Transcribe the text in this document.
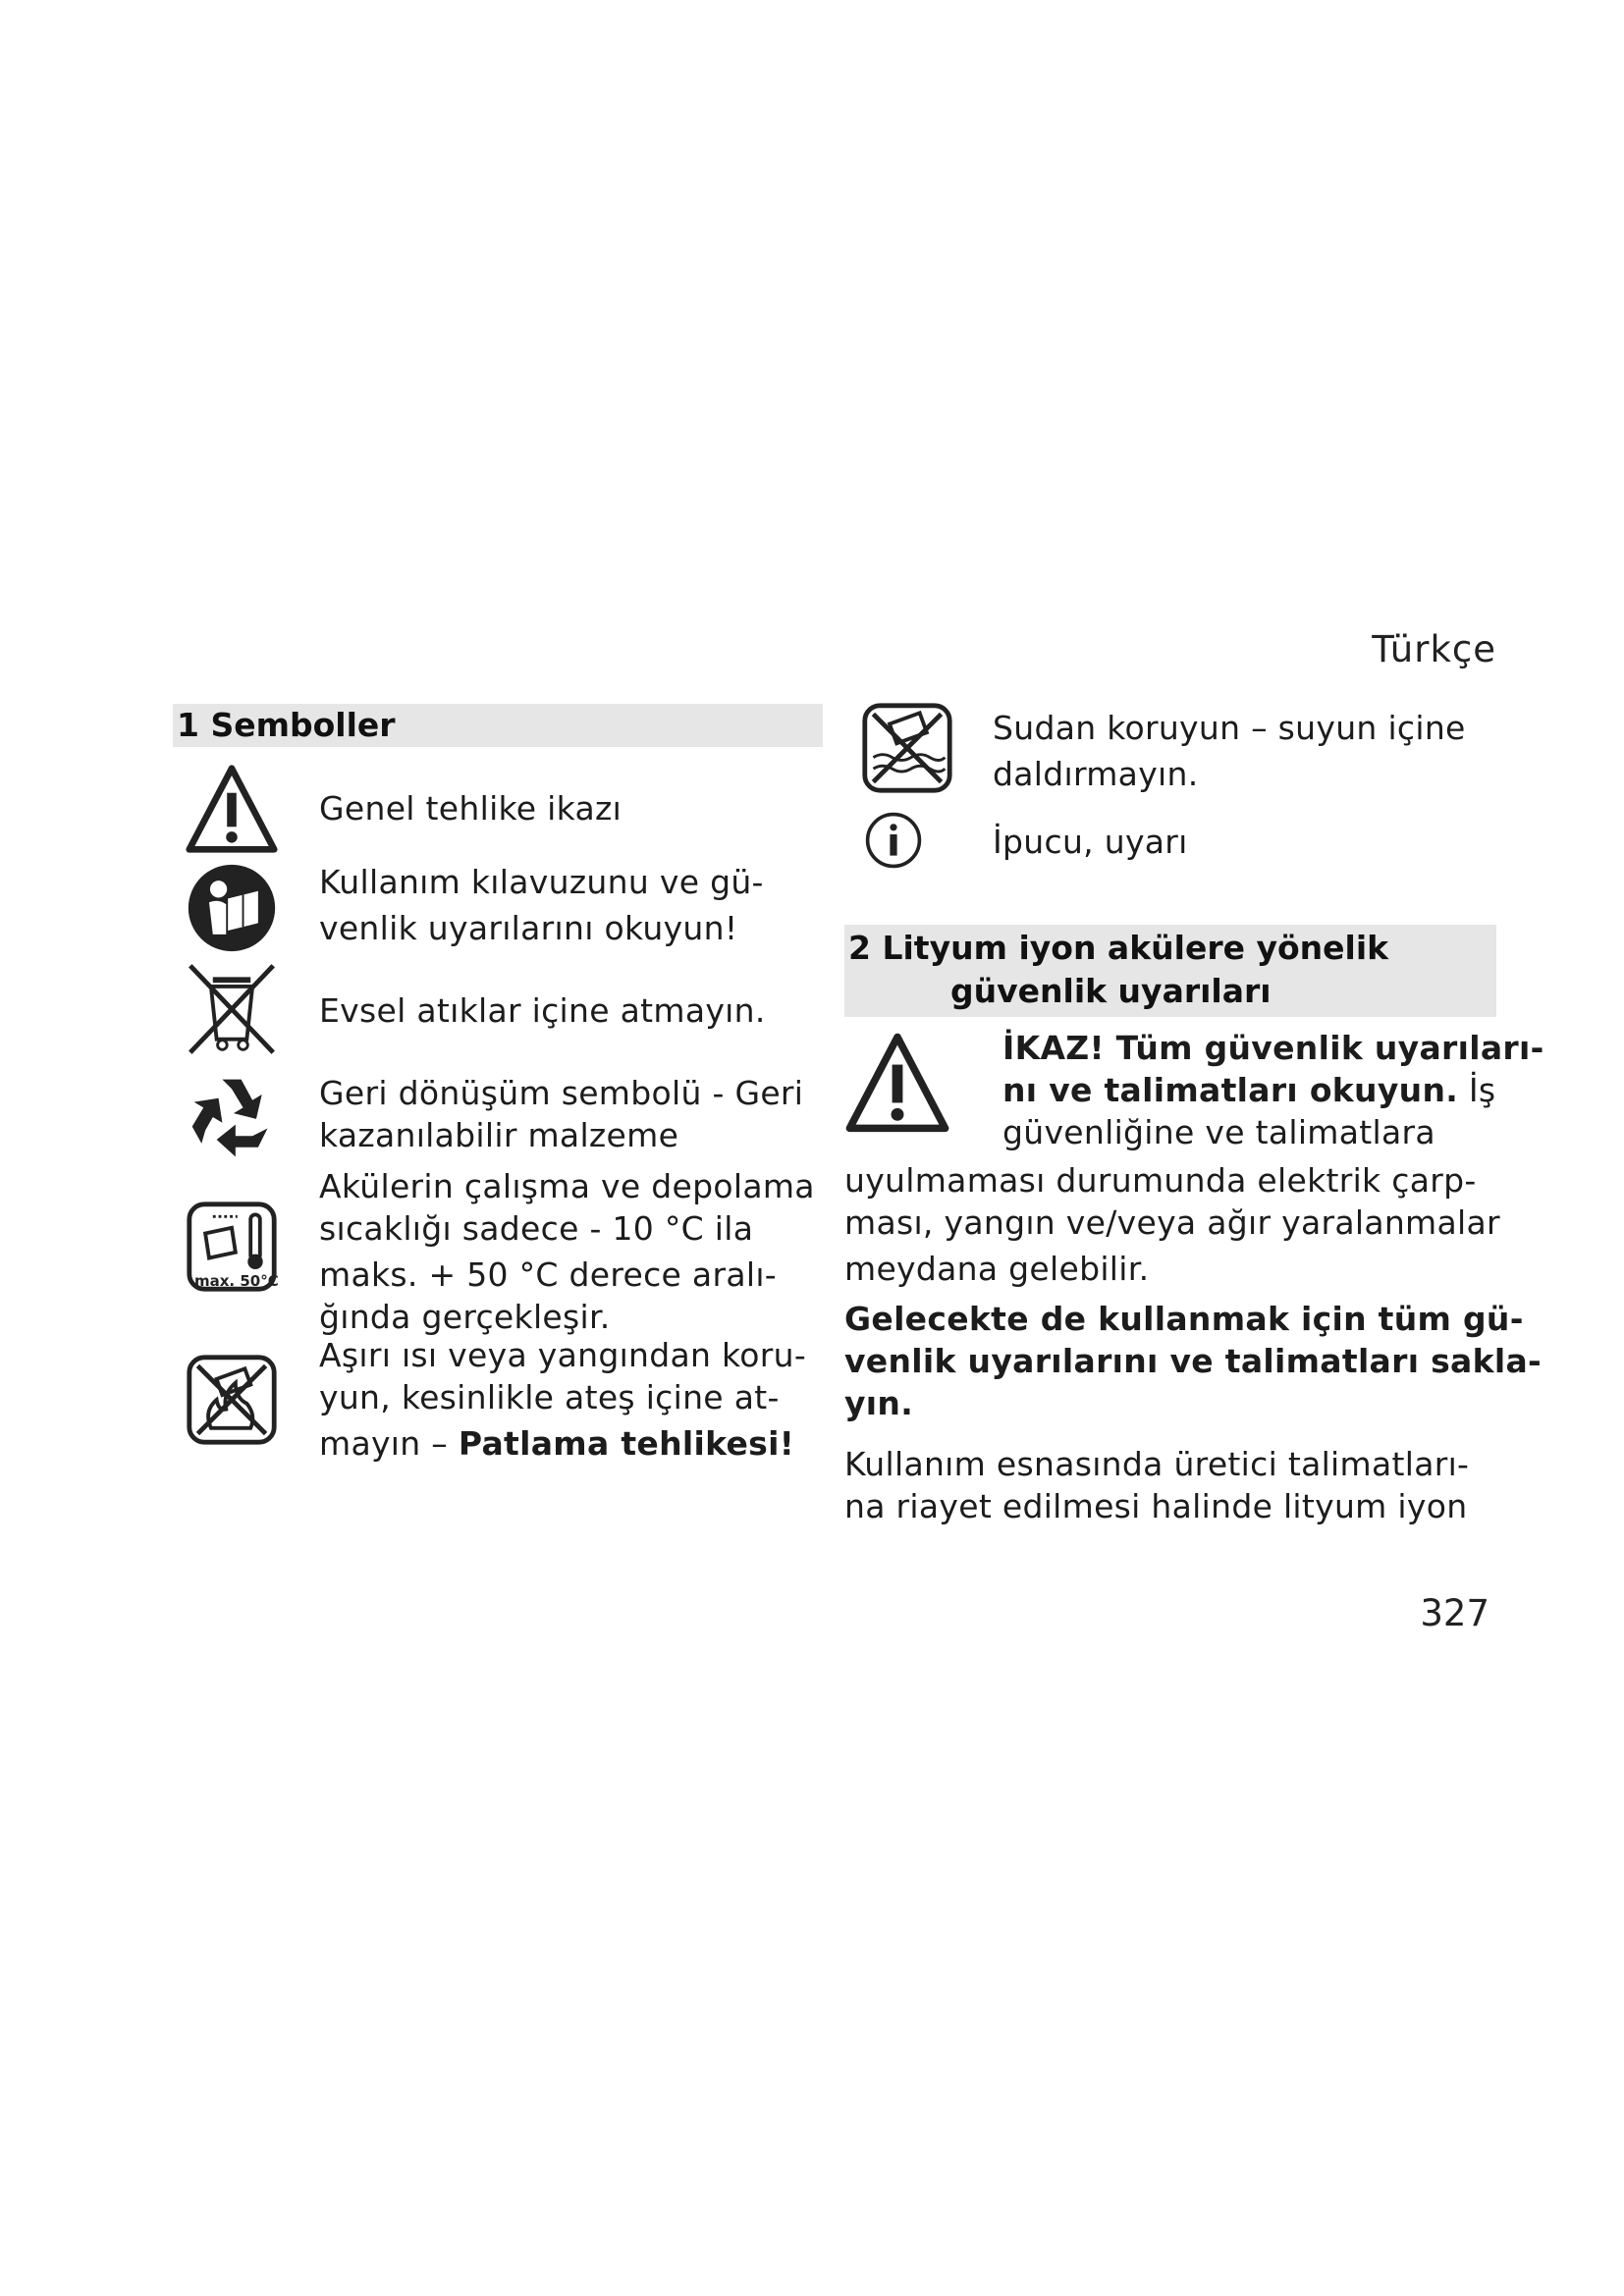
Türkçe
1 Semboller
Genel tehlike ikazı
Kullanım kılavuzunu ve gü-
venlik uyarılarını okuyun!
Evsel atıklar içine atmayın.
Geri dönüşüm sembolü - Geri
kazanılabilir malzeme
max. 50°C
Akülerin çalışma ve depolama
sıcaklığı sadece - 10 °C ila
maks. + 50 °C derece aralı-
ğında gerçekleşir.
Aşırı ısı veya yangından koru-
yun, kesinlikle ateş içine at-
mayın – Patlama tehlikesi!
Sudan koruyun – suyun içine
daldırmayın.
İpucu, uyarı
2 Lityum iyon akülere yönelik
güvenlik uyarıları
İKAZ! Tüm güvenlik uyarıları-
nı ve talimatları okuyun. İş
güvenliğine ve talimatlara
uyulmaması durumunda elektrik çarp-
ması, yangın ve/veya ağır yaralanmalar
meydana gelebilir.
Gelecekte de kullanmak için tüm gü-
venlik uyarılarını ve talimatları sakla-
yın.
Kullanım esnasında üretici talimatları-
na riayet edilmesi halinde lityum iyon
327
